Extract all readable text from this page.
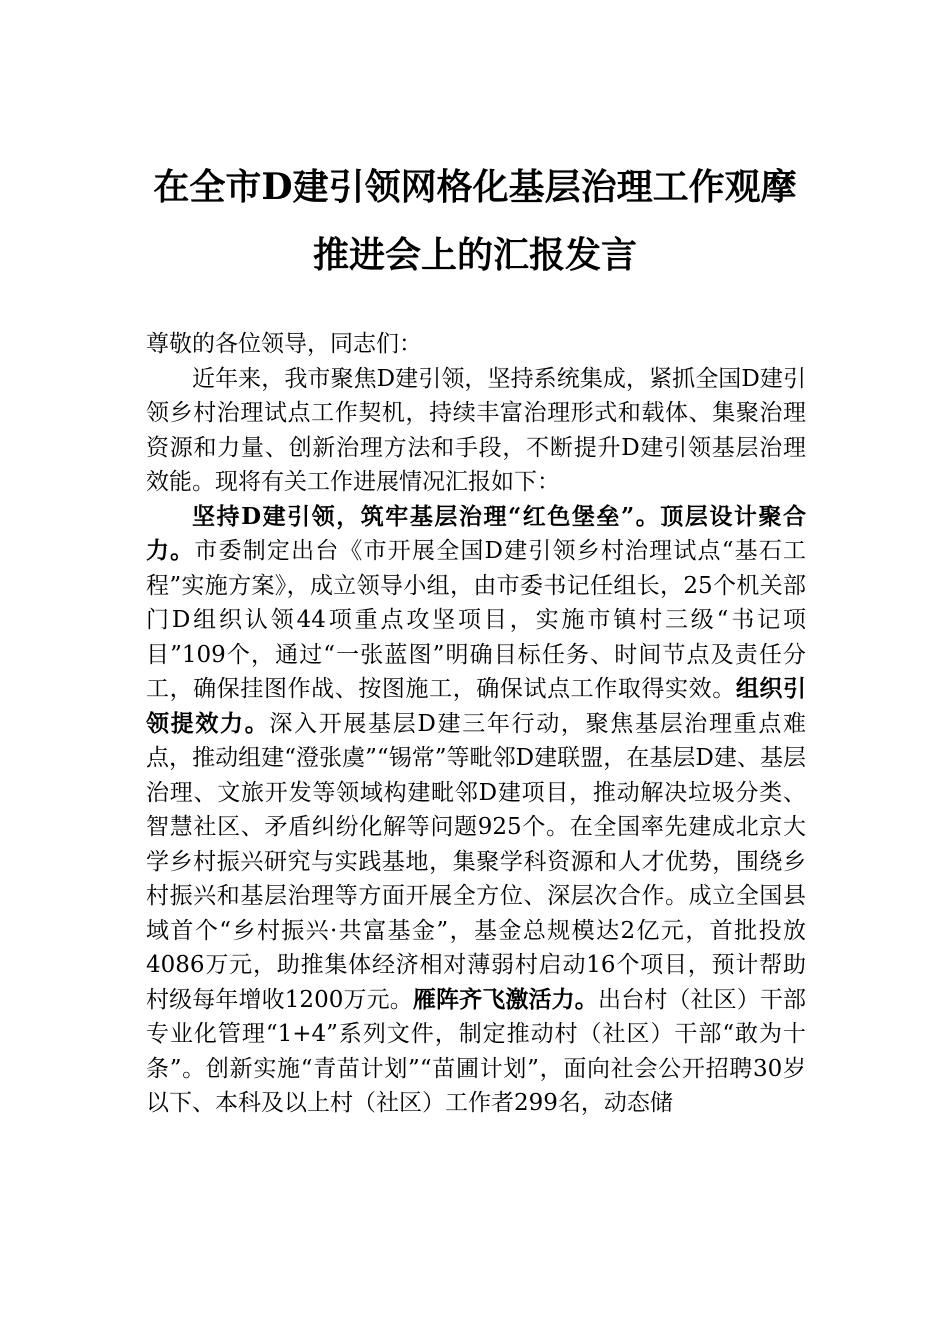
在全市D建引领网格化基层治理工作观摩
推进会上的汇报发言

尊敬的各位领导，同志们：

近年来，我市聚焦D建引领，坚持系统集成，紧抓全国D建引领乡村治理试点工作契机，持续丰富治理形式和载体、集聚治理资源和力量、创新治理方法和手段，不断提升D建引领基层治理效能。现将有关工作进展情况汇报如下：

坚持D建引领，筑牢基层治理“红色堡垒”。顶层设计聚合力。市委制定出台《市开展全国D建引领乡村治理试点“基石工程”实施方案》，成立领导小组，由市委书记任组长，25个机关部门D组织认领44项重点攻坚项目，实施市镇村三级“书记项目”109个，通过“一张蓝图”明确目标任务、时间节点及责任分工，确保挂图作战、按图施工，确保试点工作取得实效。组织引领提效力。深入开展基层D建三年行动，聚焦基层治理重点难点，推动组建“澄张虞”“锡常”等毗邻D建联盟，在基层D建、基层治理、文旅开发等领域构建毗邻D建项目，推动解决垃圾分类、智慧社区、矛盾纠纷化解等问题925个。在全国率先建成北京大学乡村振兴研究与实践基地，集聚学科资源和人才优势，围绕乡村振兴和基层治理等方面开展全方位、深层次合作。成立全国县域首个“乡村振兴·共富基金”，基金总规模达2亿元，首批投放4086万元，助推集体经济相对薄弱村启动16个项目，预计帮助村级每年增收1200万元。雁阵齐飞激活力。出台村（社区）干部专业化管理“1+4”系列文件，制定推动村（社区）干部“敢为十条”。创新实施“青苗计划”“苗圃计划”，面向社会公开招聘30岁以下、本科及以上村（社区）工作者299名，动态储
